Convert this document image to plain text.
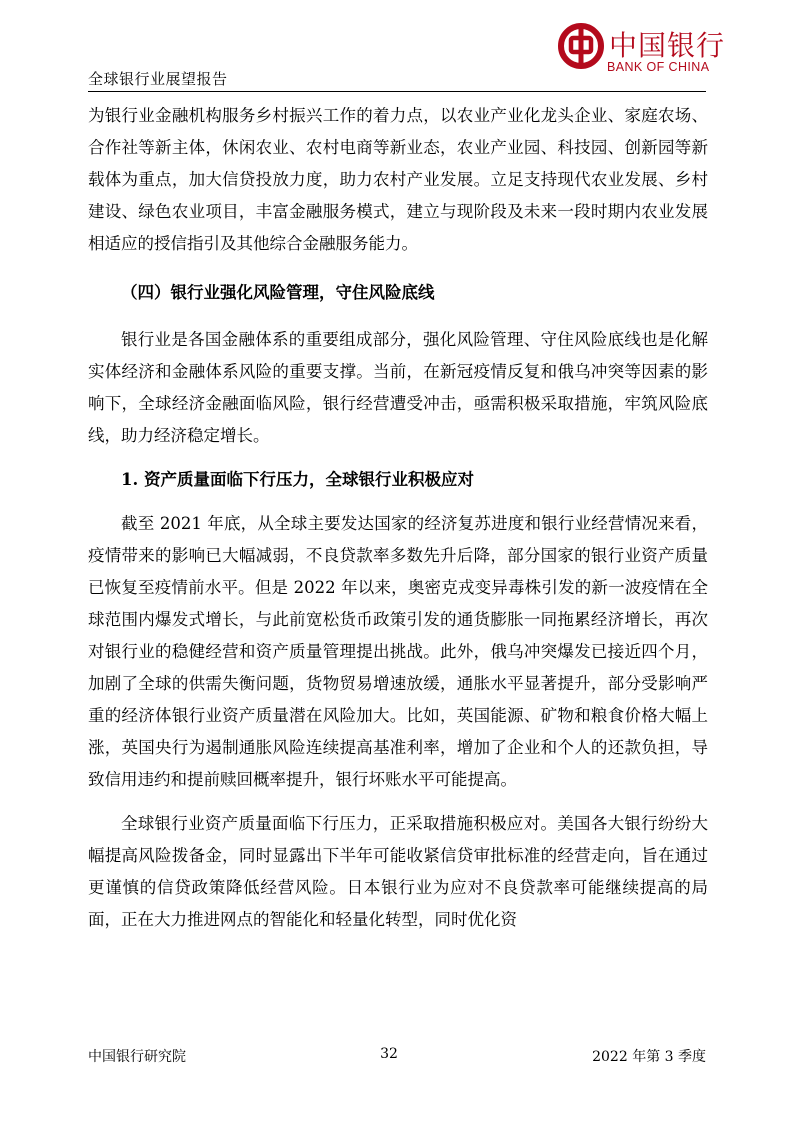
中国银行
BANK OF CHINA
全球银行业展望报告

为银行业金融机构服务乡村振兴工作的着力点，以农业产业化龙头企业、家庭农场、合作社等新主体，休闲农业、农村电商等新业态，农业产业园、科技园、创新园等新载体为重点，加大信贷投放力度，助力农村产业发展。立足支持现代农业发展、乡村建设、绿色农业项目，丰富金融服务模式，建立与现阶段及未来一段时期内农业发展相适应的授信指引及其他综合金融服务能力。

（四）银行业强化风险管理，守住风险底线

银行业是各国金融体系的重要组成部分，强化风险管理、守住风险底线也是化解实体经济和金融体系风险的重要支撑。当前，在新冠疫情反复和俄乌冲突等因素的影响下，全球经济金融面临风险，银行经营遭受冲击，亟需积极采取措施，牢筑风险底线，助力经济稳定增长。

1. 资产质量面临下行压力，全球银行业积极应对

截至 2021 年底，从全球主要发达国家的经济复苏进度和银行业经营情况来看，疫情带来的影响已大幅减弱，不良贷款率多数先升后降，部分国家的银行业资产质量已恢复至疫情前水平。但是 2022 年以来，奥密克戎变异毒株引发的新一波疫情在全球范围内爆发式增长，与此前宽松货币政策引发的通货膨胀一同拖累经济增长，再次对银行业的稳健经营和资产质量管理提出挑战。此外，俄乌冲突爆发已接近四个月，加剧了全球的供需失衡问题，货物贸易增速放缓，通胀水平显著提升，部分受影响严重的经济体银行业资产质量潜在风险加大。比如，英国能源、矿物和粮食价格大幅上涨，英国央行为遏制通胀风险连续提高基准利率，增加了企业和个人的还款负担，导致信用违约和提前赎回概率提升，银行坏账水平可能提高。

全球银行业资产质量面临下行压力，正采取措施积极应对。美国各大银行纷纷大幅提高风险拨备金，同时显露出下半年可能收紧信贷审批标准的经营走向，旨在通过更谨慎的信贷政策降低经营风险。日本银行业为应对不良贷款率可能继续提高的局面，正在大力推进网点的智能化和轻量化转型，同时优化资

中国银行研究院	32	2022 年第 3 季度
